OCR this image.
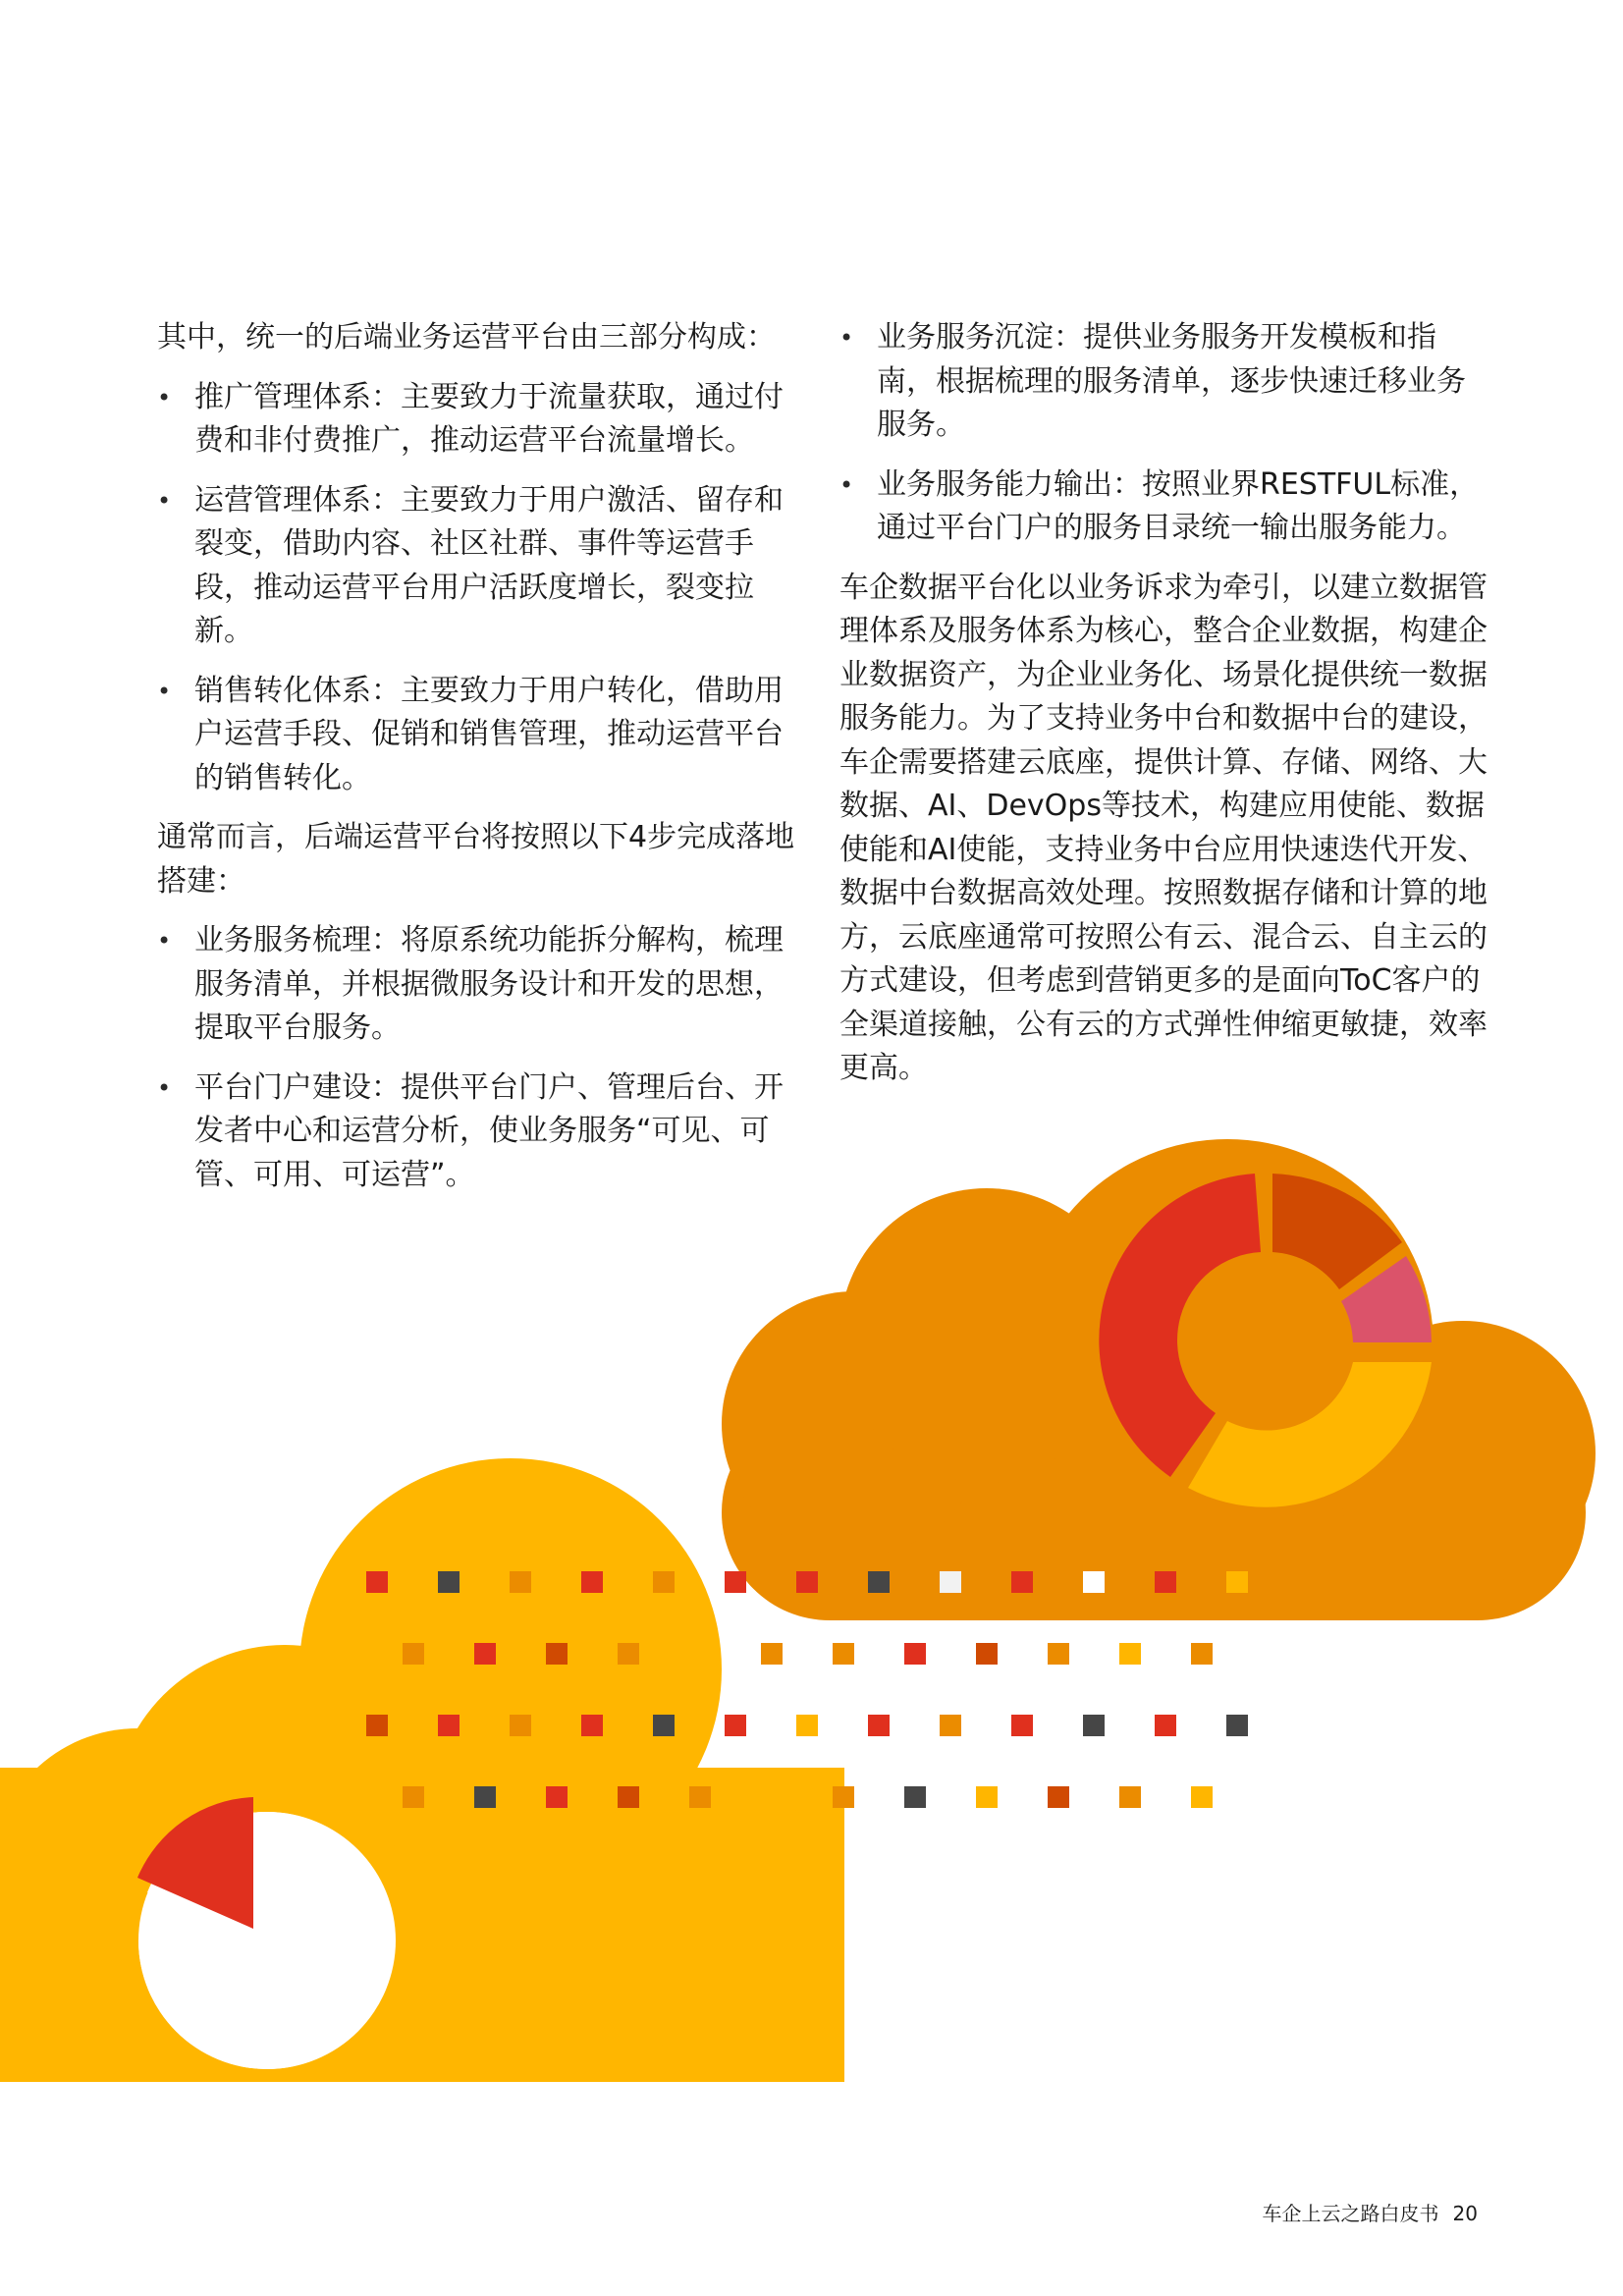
其中，统一的后端业务运营平台由三部分构成：

• 推广管理体系：主要致力于流量获取，通过付费和非付费推广，推动运营平台流量增长。
• 运营管理体系：主要致力于用户激活、留存和裂变，借助内容、社区社群、事件等运营手段，推动运营平台用户活跃度增长，裂变拉新。
• 销售转化体系：主要致力于用户转化，借助用户运营手段、促销和销售管理，推动运营平台的销售转化。

通常而言，后端运营平台将按照以下4步完成落地搭建：

• 业务服务梳理：将原系统功能拆分解构，梳理服务清单，并根据微服务设计和开发的思想，提取平台服务。
• 平台门户建设：提供平台门户、管理后台、开发者中心和运营分析，使业务服务“可见、可管、可用、可运营”。
• 业务服务沉淀：提供业务服务开发模板和指南，根据梳理的服务清单，逐步快速迁移业务服务。
• 业务服务能力输出：按照业界RESTFUL标准，通过平台门户的服务目录统一输出服务能力。

车企数据平台化以业务诉求为牵引，以建立数据管理体系及服务体系为核心，整合企业数据，构建企业数据资产，为企业业务化、场景化提供统一数据服务能力。为了支持业务中台和数据中台的建设，车企需要搭建云底座，提供计算、存储、网络、大数据、AI、DevOps等技术，构建应用使能、数据使能和AI使能，支持业务中台应用快速迭代开发、数据中台数据高效处理。按照数据存储和计算的地方，云底座通常可按照公有云、混合云、自主云的方式建设，但考虑到营销更多的是面向ToC客户的全渠道接触，公有云的方式弹性伸缩更敏捷，效率更高。

车企上云之路白皮书 20
